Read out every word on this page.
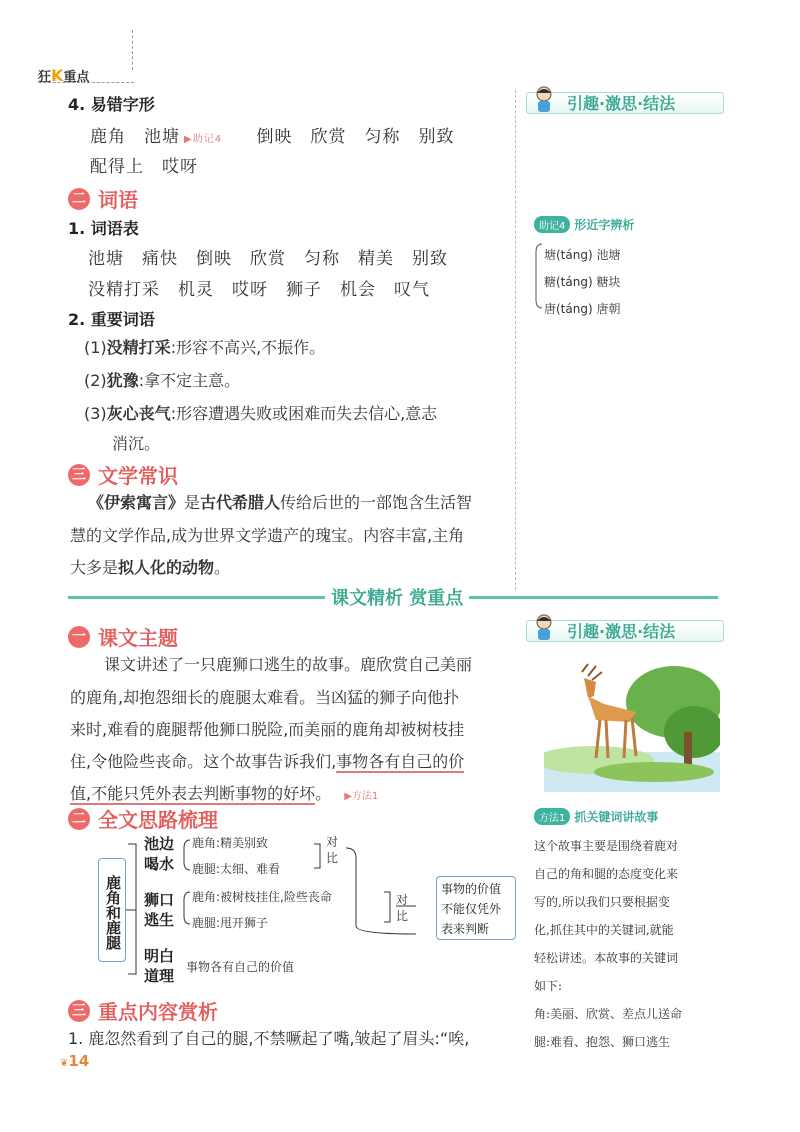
狂K重点
4. 易错字形
鹿角 池塘 ▶助记4 倒映 欣赏 匀称 别致
配得上 哎呀
二 词语
1. 词语表
池塘 痛快 倒映 欣赏 匀称 精美 别致
没精打采 机灵 哎呀 狮子 机会 叹气
2. 重要词语
(1)没精打采:形容不高兴,不振作。
(2)犹豫:拿不定主意。
(3)灰心丧气:形容遭遇失败或困难而失去信心,意志
消沉。
三 文学常识
《伊索寓言》是古代希腊人传给后世的一部饱含生活智
慧的文学作品,成为世界文学遗产的瑰宝。内容丰富,主角
大多是拟人化的动物。
课文精析 赏重点
一 课文主题
课文讲述了一只鹿狮口逃生的故事。鹿欣赏自己美丽
的鹿角,却抱怨细长的鹿腿太难看。当凶猛的狮子向他扑
来时,难看的鹿腿帮他狮口脱险,而美丽的鹿角却被树枝挂
住,令他险些丧命。这个故事告诉我们,事物各有自己的价
值,不能只凭外表去判断事物的好坏。 ▶方法1
二 全文思路梳理
鹿角和鹿腿
池边喝水
鹿角:精美别致
鹿腿:太细、难看
对比
狮口逃生
鹿角:被树枝挂住,险些丧命
鹿腿:甩开狮子
对比
明白道理 事物各有自己的价值
事物的价值不能仅凭外表来判断
三 重点内容赏析
1. 鹿忽然看到了自己的腿,不禁噘起了嘴,皱起了眉头:“唉,
❦14
引趣·激思·结法
助记4 形近字辨析
塘(táng) 池塘
糖(táng) 糖块
唐(táng) 唐朝
引趣·激思·结法
方法1 抓关键词讲故事
这个故事主要是围绕着鹿对
自己的角和腿的态度变化来
写的,所以我们只要根据变
化,抓住其中的关键词,就能
轻松讲述。本故事的关键词
如下:
角:美丽、欣赏、差点儿送命
腿:难看、抱怨、狮口逃生
